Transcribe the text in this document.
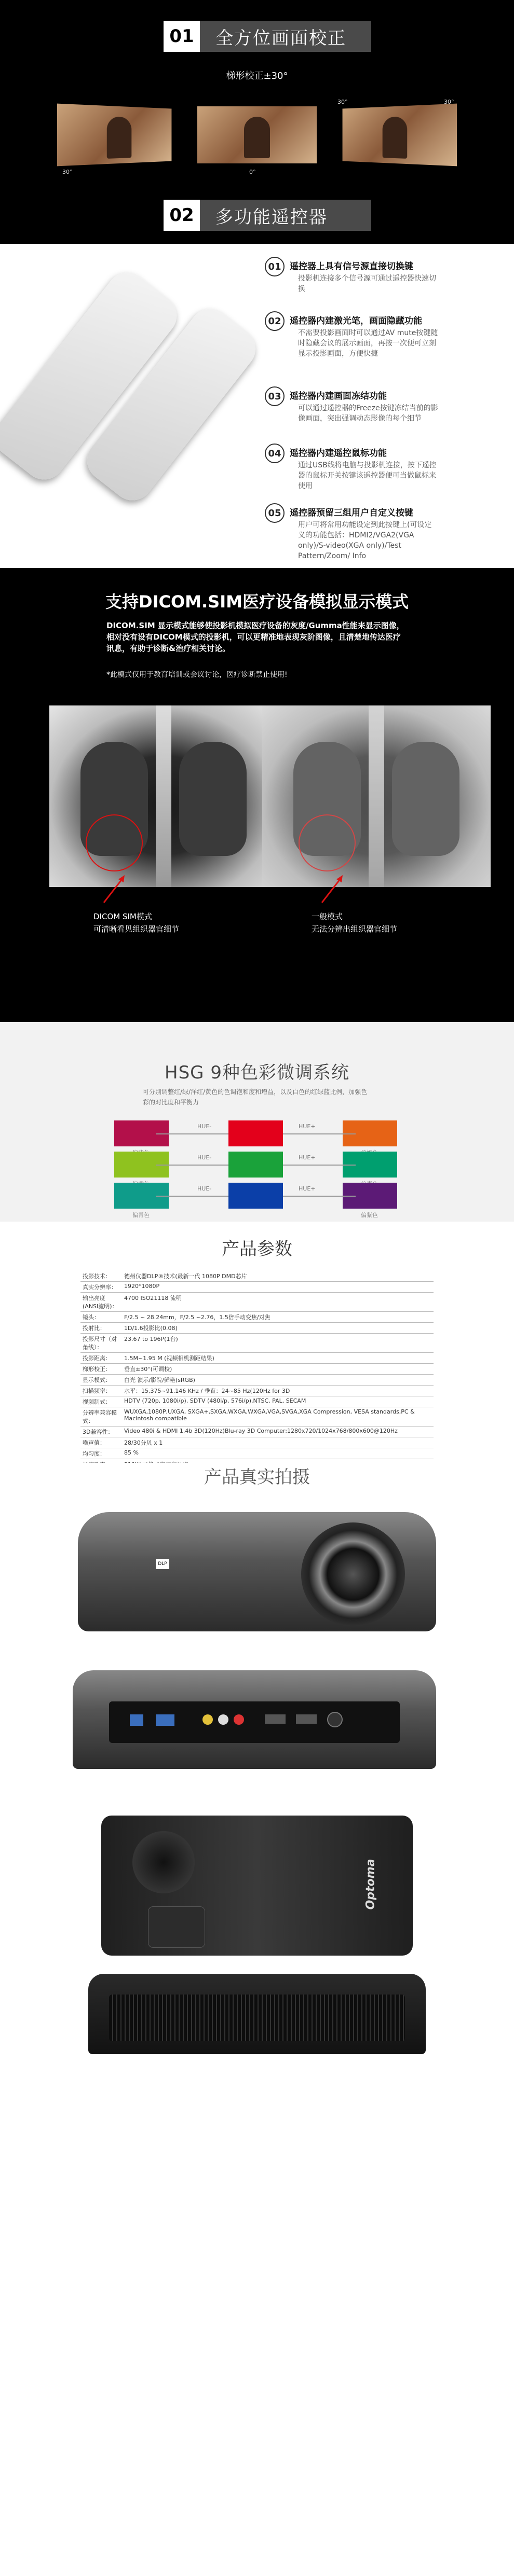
01	全方位画面校正
梯形校正±30°
30°	0°
30°	30°
02	多功能遥控器
01 遥控器上具有信号源直接切换键
投影机连接多个信号源可通过遥控器快速切换
02 遥控器内建激光笔，画面隐藏功能
不需要投影画面时可以通过AV mute按键随时隐藏会议的展示画面，再按一次便可立刻显示投影画面，方便快捷
03 遥控器内建画面冻结功能
可以通过遥控器的Freeze按键冻结当前的影像画面，突出强调动态影像的每个细节
04 遥控器内建遥控鼠标功能
通过USB线将电脑与投影机连接，按下遥控器的鼠标开关按键该遥控器便可当做鼠标来使用
05 遥控器预留三组用户自定义按键
用户可将常用功能设定到此按键上(可设定义的功能包括：HDMI2/VGA2(VGA only)/S-video(XGA only)/Test Pattern/Zoom/ Info
支持DICOM.SIM医疗设备模拟显示模式
DICOM.SIM 显示模式能够使投影机模拟医疗设备的灰度/Gumma性能来显示图像，相对没有设有DICOM模式的投影机，可以更精准地表现灰阶图像，且清楚地传达医疗讯息，有助于诊断&治疗相关讨论。
*此模式仅用于教育培训或会议讨论，医疗诊断禁止使用!
DICOM SIM模式
可清晰看见组织器官细节
一般模式
无法分辨出组织器官细节
HSG 9种色彩微调系统
可分别调整红/绿/洋红/黄色的色调饱和度和增益，以及白色的红绿蓝比例，加强色彩的对比度和平衡力
HUE-	HUE+
HUE-	HUE+
HUE-	HUE+
偏青色	偏紫色
产品参数
投影技术：	德州仪器DLP®技术(最新一代 1080P DMD芯片
真实分辨率：	1920*1080P
输出亮度(ANSI流明)：	4700 ISO21118 流明
镜头：	F/2.5 ~ 28.24mm，F/2.5 ~2.76，1.5倍手动变焦/对焦
投射比：	1D/1.6投影比(0.08)
投影尺寸（对角线）：	23.67 to 196P(1台)
投影距离：	1.5M~1.95 M (视频相机测距结果)
梯形校正：	垂直±30°(可调校)
显示模式：	白光 演示/影院/鲜艳(sRGB)
扫描频率：	水平：15,375~91.146 KHz / 垂直：24~85 Hz(120Hz for 3D
视频制式：	HDTV (720p, 1080i/p), SDTV (480i/p, 576i/p),NTSC, PAL, SECAM
分辨率兼容模式：	WUXGA,1080P,UXGA, SXGA+,SXGA,WXGA,WXGA,VGA,SVGA,XGA Compression, VESA standards,PC & Macintosh compatible
3D兼容性：	Video 480i & HDMI 1.4b 3D(120Hz)Blu-ray 3D Computer:1280x720/1024x768/800x600@120Hz
噪声值：	28/30分贝 x 1
均匀度：	85 %

产品真实拍摄
DLP
Optoma
